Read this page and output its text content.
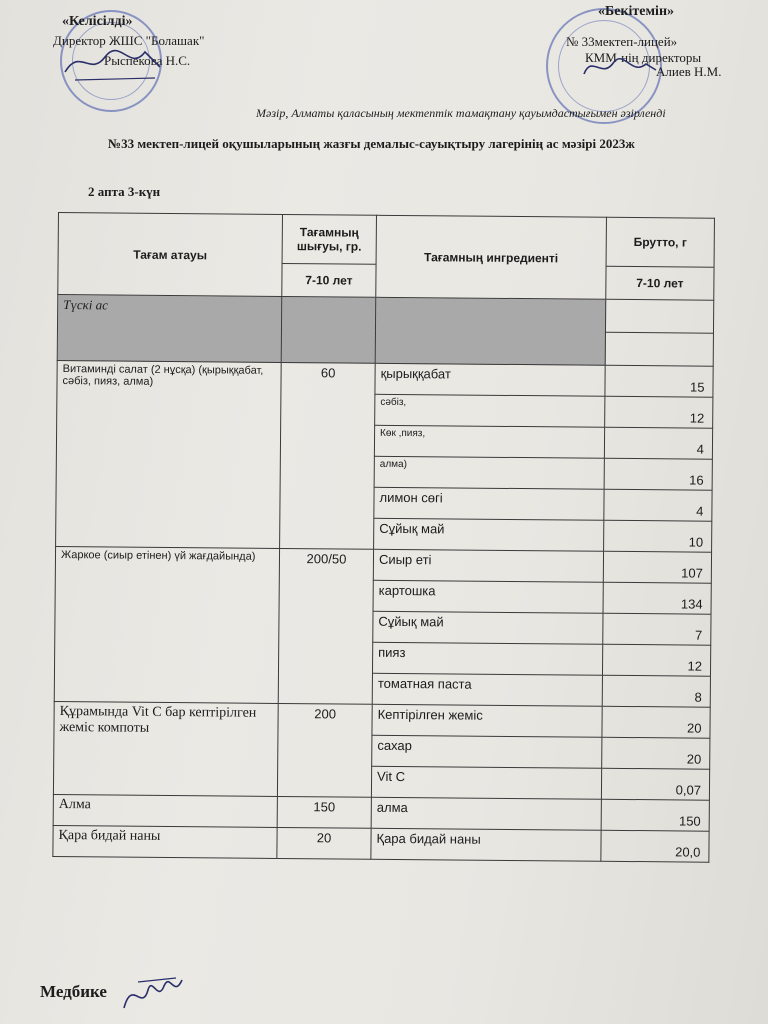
«Келісілді»
Директор ЖШС "Болашак"
Рыспекова Н.С.
«Бекітемін»
№ 33мектеп-лицей»
КММ-нің директоры
Алиев Н.М.
Мәзір, Алматы қаласының мектептік тамақтану қауымдастығымен әзірленді
№33 мектеп-лицей оқушыларының жазғы демалыс-сауықтыру лагерінің ас мәзірі 2023ж
2 апта 3-күн
Тағам атауы	Тағамның шығуы, гр.	Тағамның ингредиенті	Брутто, г
	7-10 лет		7-10 лет
Түскі ас			

Витаминді салат (2 нұсқа) (қырыққабат, сәбіз, пияз, алма)	60	қырыққабат	15
		сәбіз,	12
		Көк ,пияз,	4
		алма)	16
		лимон сөгі	4
		Сұйық май	10
Жаркое (сиыр етінен) үй жағдайында)	200/50	Сиыр еті	107
		картошка	134
		Сұйық май	7
		пияз	12
		томатная паста	8
Құрамында Vit C бар кептірілген жеміс компоты	200	Кептірілген жеміс	20
		сахар	20
		Vit C	0,07
Алма	150	алма	150
Қара бидай наны	20	Қара бидай наны	20,0
Медбике
